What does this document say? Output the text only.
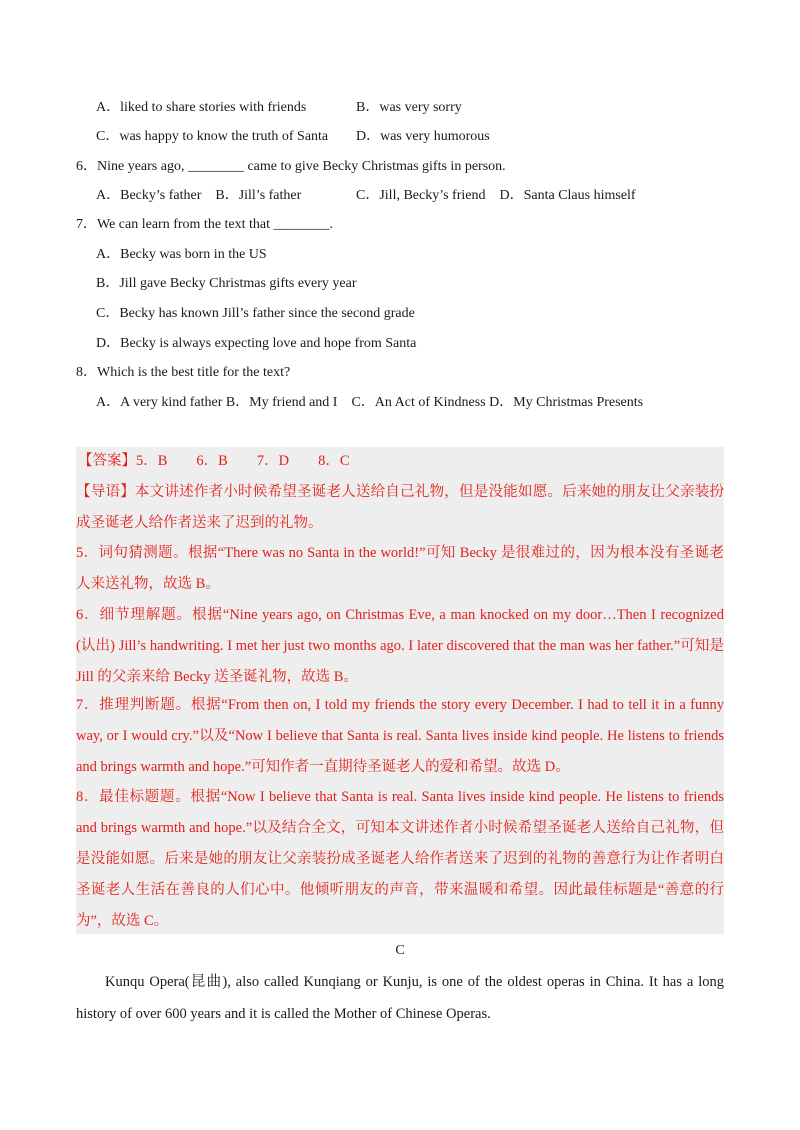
A．liked to share stories with friends	B．was very sorry
C．was happy to know the truth of Santa D．was very humorous
6．Nine years ago, ________ came to give Becky Christmas gifts in person.
A．Becky’s father　B．Jill’s father	C．Jill, Becky’s friend　D．Santa Claus himself
7．We can learn from the text that ________.
A．Becky was born in the US
B．Jill gave Becky Christmas gifts every year
C．Becky has known Jill’s father since the second grade
D．Becky is always expecting love and hope from Santa
8．Which is the best title for the text?
A．A very kind father B．My friend and I　C．An Act of Kindness D．My Christmas Presents
【答案】5．B　　6．B　　7．D　　8．C
【导语】本文讲述作者小时候希望圣诞老人送给自己礼物，但是没能如愿。后来她的朋友让父亲装扮成圣诞老人给作者送来了迟到的礼物。
5．词句猜测题。根据“There was no Santa in the world!”可知 Becky 是很难过的，因为根本没有圣诞老人来送礼物，故选 B。
6．细节理解题。根据“Nine years ago, on Christmas Eve, a man knocked on my door…Then I recognized (认出) Jill’s handwriting. I met her just two months ago. I later discovered that the man was her father.”可知是 Jill 的父亲来给 Becky 送圣诞礼物，故选 B。
7．推理判断题。根据“From then on, I told my friends the story every December. I had to tell it in a funny way, or I would cry.”以及“Now I believe that Santa is real. Santa lives inside kind people. He listens to friends and brings warmth and hope.”可知作者一直期待圣诞老人的爱和希望。故选 D。
8．最佳标题题。根据“Now I believe that Santa is real. Santa lives inside kind people. He listens to friends and brings warmth and hope.”以及结合全文，可知本文讲述作者小时候希望圣诞老人送给自己礼物，但是没能如愿。后来是她的朋友让父亲装扮成圣诞老人给作者送来了迟到的礼物的善意行为让作者明白圣诞老人生活在善良的人们心中。他倾听朋友的声音，带来温暖和希望。因此最佳标题是“善意的行为”，故选 C。
C
Kunqu Opera(昆曲), also called Kunqiang or Kunju, is one of the oldest operas in China. It has a long history of over 600 years and it is called the Mother of Chinese Operas.
